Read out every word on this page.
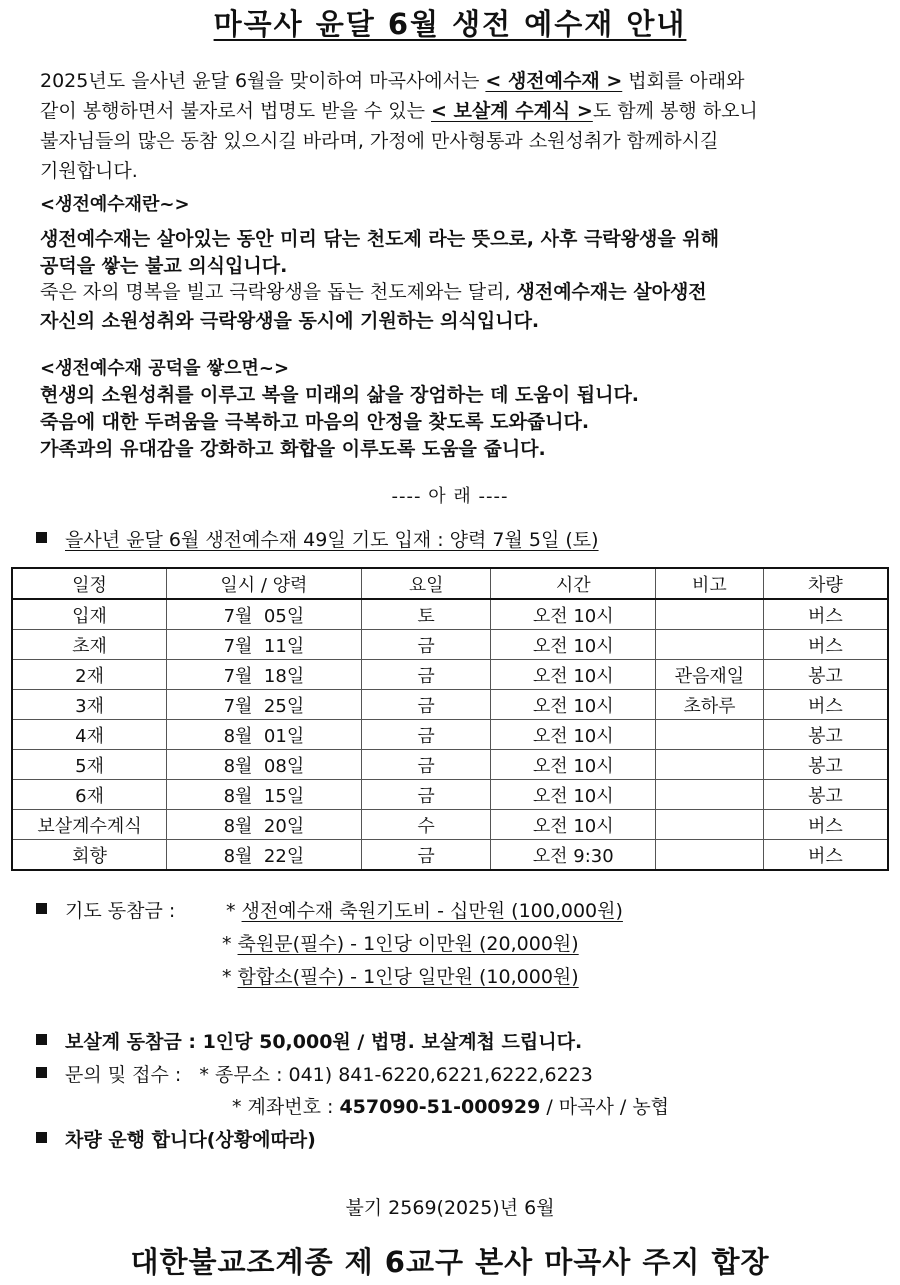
마곡사 윤달 6월 생전 예수재 안내
2025년도 을사년 윤달 6월을 맞이하여 마곡사에서는 < 생전예수재 > 법회를 아래와
같이 봉행하면서 불자로서 법명도 받을 수 있는 < 보살계 수계식 >도 함께 봉행 하오니
불자님들의 많은 동참 있으시길 바라며, 가정에 만사형통과 소원성취가 함께하시길
기원합니다.
<생전예수재란~>
생전예수재는 살아있는 동안 미리 닦는 천도제 라는 뜻으로, 사후 극락왕생을 위해
공덕을 쌓는 불교 의식입니다.
죽은 자의 명복을 빌고 극락왕생을 돕는 천도제와는 달리, 생전예수재는 살아생전
자신의 소원성취와 극락왕생을 동시에 기원하는 의식입니다.
<생전예수재 공덕을 쌓으면~>
현생의 소원성취를 이루고 복을 미래의 삶을 장엄하는 데 도움이 됩니다.
죽음에 대한 두려움을 극복하고 마음의 안정을 찾도록 도와줍니다.
가족과의 유대감을 강화하고 화합을 이루도록 도움을 줍니다.
---- 아 래 ----
을사년 윤달 6월 생전예수재 49일 기도 입재 : 양력 7월 5일 (토)
일정	일시 / 양력	요일	시간	비고	차량
입재	7월  05일	토	오전 10시		버스
초재	7월  11일	금	오전 10시		버스
2재	7월  18일	금	오전 10시	관음재일	봉고
3재	7월  25일	금	오전 10시	초하루	버스
4재	8월  01일	금	오전 10시		봉고
5재	8월  08일	금	오전 10시		봉고
6재	8월  15일	금	오전 10시		봉고
보살계수계식	8월  20일	수	오전 10시		버스
회향	8월  22일	금	오전 9:30		버스
기도 동참금 :	* 생전예수재 축원기도비 - 십만원 (100,000원)
* 축원문(필수) - 1인당 이만원 (20,000원)
* 함합소(필수) - 1인당 일만원 (10,000원)
보살계 동참금 : 1인당 50,000원 / 법명. 보살계첩 드립니다.
문의 및 접수 : * 종무소 : 041) 841-6220,6221,6222,6223
* 계좌번호 : 457090-51-000929 / 마곡사 / 농협
차량 운행 합니다(상황에따라)
불기 2569(2025)년 6월
대한불교조계종 제 6교구 본사 마곡사 주지 합장
